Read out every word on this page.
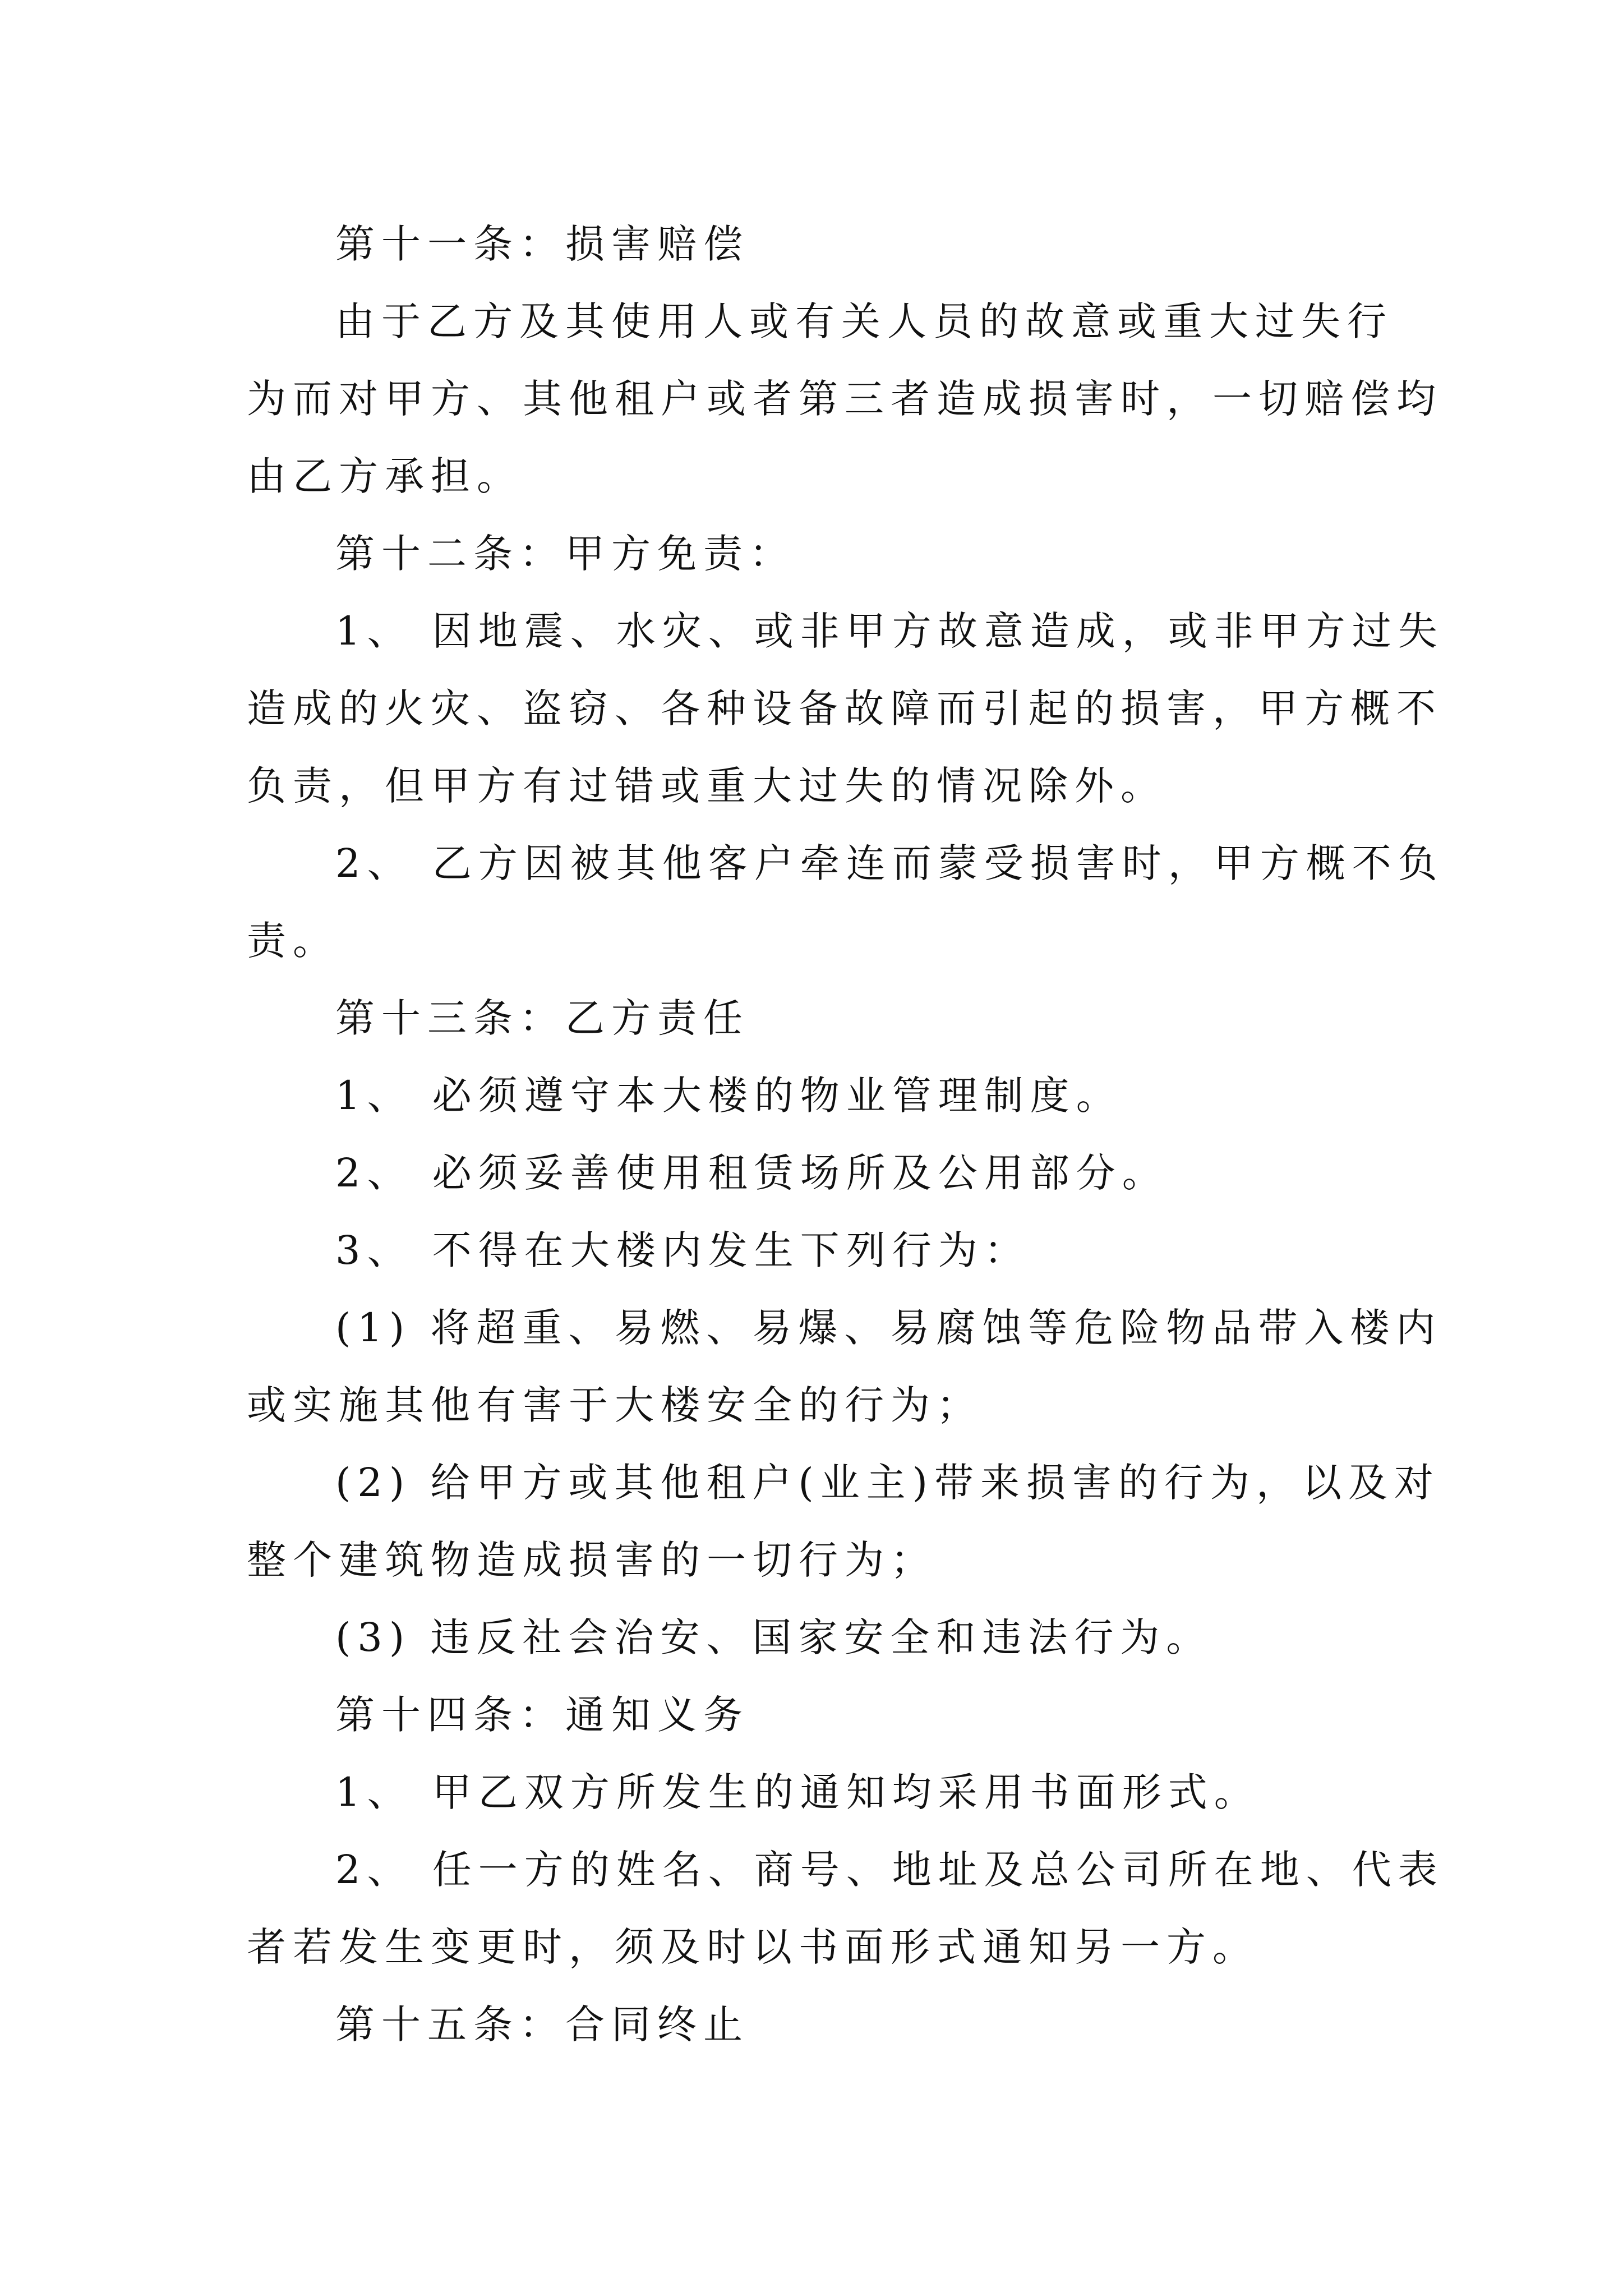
第十一条：损害赔偿
由于乙方及其使用人或有关人员的故意或重大过失行
为而对甲方、其他租户或者第三者造成损害时，一切赔偿均
由乙方承担。
第十二条：甲方免责：
1、 因地震、水灾、或非甲方故意造成，或非甲方过失
造成的火灾、盗窃、各种设备故障而引起的损害，甲方概不
负责，但甲方有过错或重大过失的情况除外。
2、 乙方因被其他客户牵连而蒙受损害时，甲方概不负
责。
第十三条：乙方责任
1、 必须遵守本大楼的物业管理制度。
2、 必须妥善使用租赁场所及公用部分。
3、 不得在大楼内发生下列行为：
(1) 将超重、易燃、易爆、易腐蚀等危险物品带入楼内
或实施其他有害于大楼安全的行为；
(2) 给甲方或其他租户(业主)带来损害的行为，以及对
整个建筑物造成损害的一切行为；
(3) 违反社会治安、国家安全和违法行为。
第十四条：通知义务
1、 甲乙双方所发生的通知均采用书面形式。
2、 任一方的姓名、商号、地址及总公司所在地、代表
者若发生变更时，须及时以书面形式通知另一方。
第十五条：合同终止
